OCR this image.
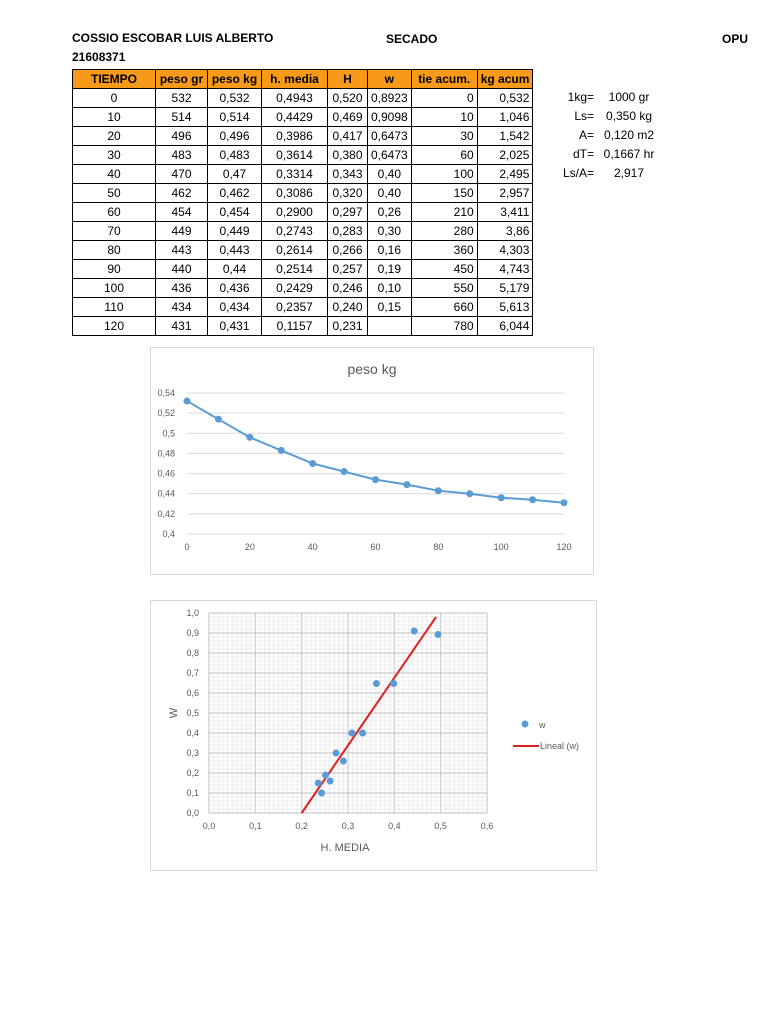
COSSIO ESCOBAR LUIS ALBERTO
21608371
SECADO	OPU
TIEMPO	peso gr	peso kg	h. media	H	w	tie acum.	kg acum
0	532	0,532	0,4943	0,520	0,8923	0	0,532
10	514	0,514	0,4429	0,469	0,9098	10	1,046
20	496	0,496	0,3986	0,417	0,6473	30	1,542
30	483	0,483	0,3614	0,380	0,6473	60	2,025
40	470	0,47	0,3314	0,343	0,40	100	2,495
50	462	0,462	0,3086	0,320	0,40	150	2,957
60	454	0,454	0,2900	0,297	0,26	210	3,411
70	449	0,449	0,2743	0,283	0,30	280	3,86
80	443	0,443	0,2614	0,266	0,16	360	4,303
90	440	0,44	0,2514	0,257	0,19	450	4,743
100	436	0,436	0,2429	0,246	0,10	550	5,179
110	434	0,434	0,2357	0,240	0,15	660	5,613
120	431	0,431	0,1157	0,231		780	6,044
1kg=	1000 gr
Ls= 0,350 kg
A= 0,120 m2
dT= 0,1667 hr
Ls/A=	2,917
peso kg
0,4
0,42
0,44
0,46
0,48
0,5
0,52
0,54
0	20	40	60	80	100	120
H. MEDIA
W
0,0
0,1
0,2
0,3
0,4
0,5
0,6
0,7
0,8
0,9
1,0
0,0	0,1	0,2	0,3	0,4	0,5	0,6
w
Lineal (w)
